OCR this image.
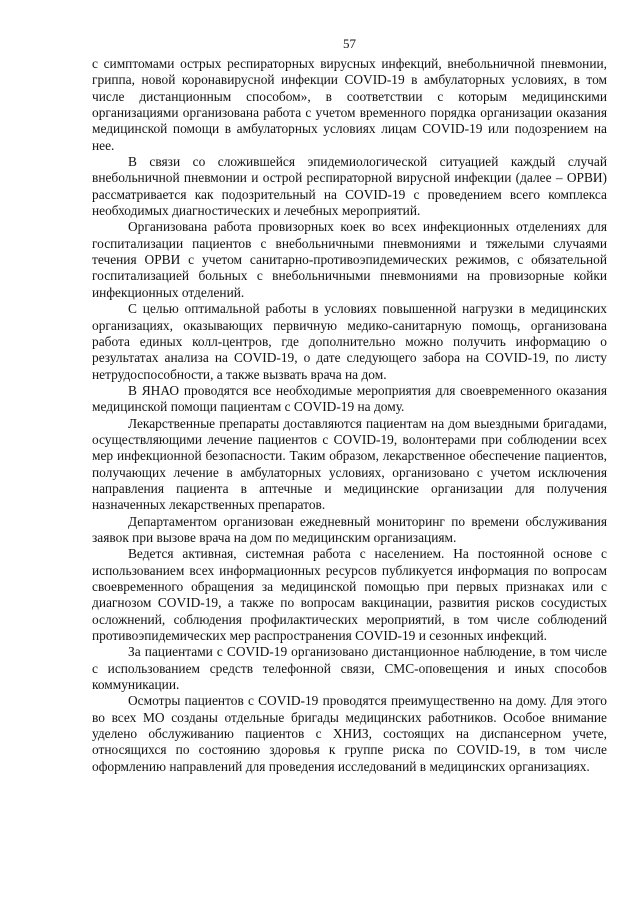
57

с симптомами острых респираторных вирусных инфекций, внебольничной пневмонии, гриппа, новой коронавирусной инфекции COVID-19 в амбулаторных условиях, в том числе дистанционным способом», в соответствии с которым медицинскими организациями организована работа с учетом временного порядка организации оказания медицинской помощи в амбулаторных условиях лицам COVID-19 или подозрением на нее.

В связи со сложившейся эпидемиологической ситуацией каждый случай внебольничной пневмонии и острой респираторной вирусной инфекции (далее – ОРВИ) рассматривается как подозрительный на COVID-19 с проведением всего комплекса необходимых диагностических и лечебных мероприятий.

Организована работа провизорных коек во всех инфекционных отделениях для госпитализации пациентов с внебольничными пневмониями и тяжелыми случаями течения ОРВИ с учетом санитарно-противоэпидемических режимов, с обязательной госпитализацией больных с внебольничными пневмониями на провизорные койки инфекционных отделений.

С целью оптимальной работы в условиях повышенной нагрузки в медицинских организациях, оказывающих первичную медико-санитарную помощь, организована работа единых колл-центров, где дополнительно можно получить информацию о результатах анализа на COVID-19, о дате следующего забора на COVID-19, по листу нетрудоспособности, а также вызвать врача на дом.

В ЯНАО проводятся все необходимые мероприятия для своевременного оказания медицинской помощи пациентам с COVID-19 на дому.

Лекарственные препараты доставляются пациентам на дом выездными бригадами, осуществляющими лечение пациентов с COVID-19, волонтерами при соблюдении всех мер инфекционной безопасности. Таким образом, лекарственное обеспечение пациентов, получающих лечение в амбулаторных условиях, организовано с учетом исключения направления пациента в аптечные и медицинские организации для получения назначенных лекарственных препаратов.

Департаментом организован ежедневный мониторинг по времени обслуживания заявок при вызове врача на дом по медицинским организациям.

Ведется активная, системная работа с населением. На постоянной основе с использованием всех информационных ресурсов публикуется информация по вопросам своевременного обращения за медицинской помощью при первых признаках или с диагнозом COVID-19, а также по вопросам вакцинации, развития рисков сосудистых осложнений, соблюдения профилактических мероприятий, в том числе соблюдений противоэпидемических мер распространения COVID-19 и сезонных инфекций.

За пациентами с COVID-19 организовано дистанционное наблюдение, в том числе с использованием средств телефонной связи, СМС-оповещения и иных способов коммуникации.

Осмотры пациентов с COVID-19 проводятся преимущественно на дому. Для этого во всех МО созданы отдельные бригады медицинских работников. Особое внимание уделено обслуживанию пациентов с ХНИЗ, состоящих на диспансерном учете, относящихся по состоянию здоровья к группе риска по COVID-19, в том числе оформлению направлений для проведения исследований в медицинских организациях.
